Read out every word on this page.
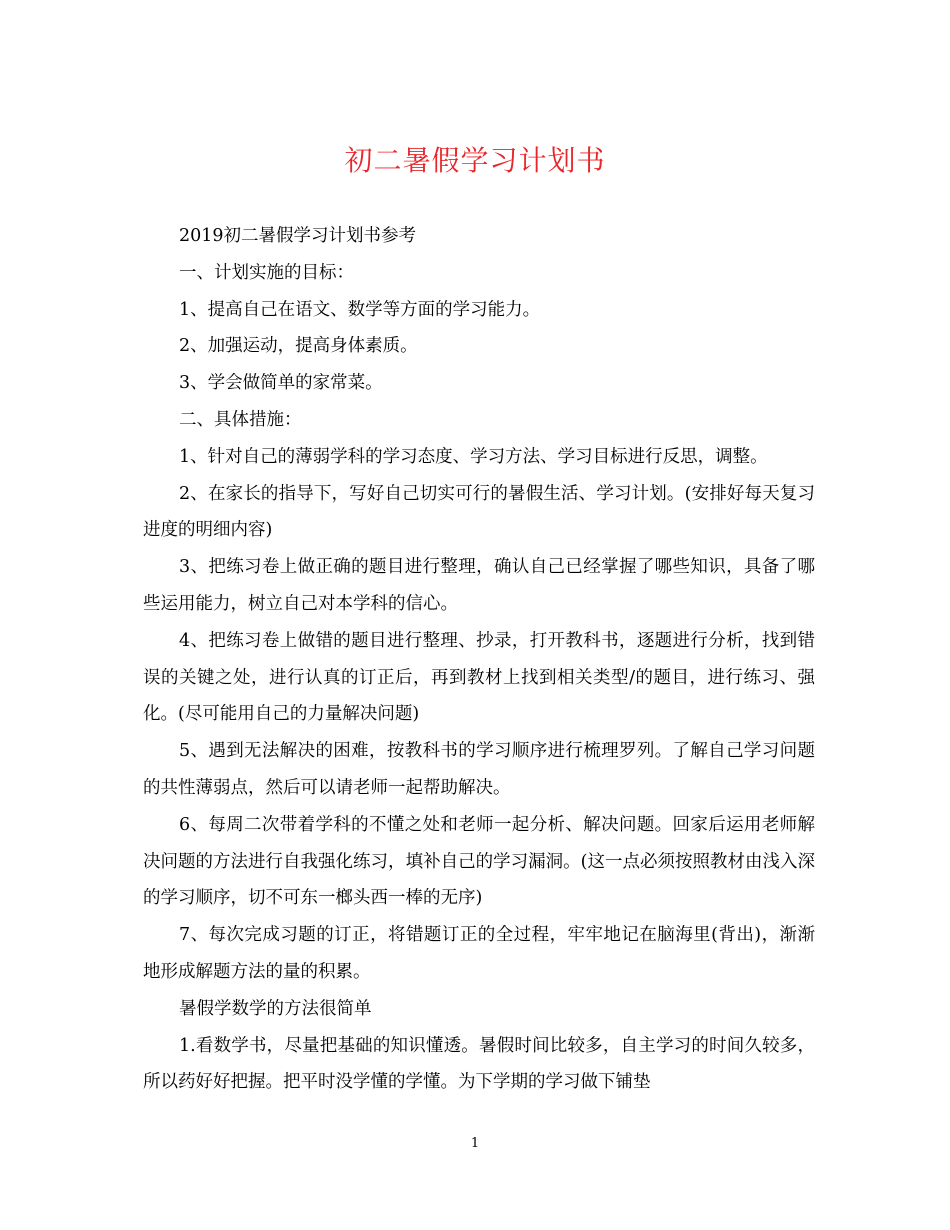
初二暑假学习计划书

2019初二暑假学习计划书参考

一、计划实施的目标：

1、提高自己在语文、数学等方面的学习能力。

2、加强运动，提高身体素质。

3、学会做简单的家常菜。

二、具体措施：

1、针对自己的薄弱学科的学习态度、学习方法、学习目标进行反思，调整。

2、在家长的指导下，写好自己切实可行的暑假生活、学习计划。(安排好每天复习进度的明细内容)

3、把练习卷上做正确的题目进行整理，确认自己已经掌握了哪些知识，具备了哪些运用能力，树立自己对本学科的信心。

4、把练习卷上做错的题目进行整理、抄录，打开教科书，逐题进行分析，找到错误的关键之处，进行认真的订正后，再到教材上找到相关类型/的题目，进行练习、强化。(尽可能用自己的力量解决问题)

5、遇到无法解决的困难，按教科书的学习顺序进行梳理罗列。了解自己学习问题的共性薄弱点，然后可以请老师一起帮助解决。

6、每周二次带着学科的不懂之处和老师一起分析、解决问题。回家后运用老师解决问题的方法进行自我强化练习，填补自己的学习漏洞。(这一点必须按照教材由浅入深的学习顺序，切不可东一榔头西一棒的无序)

7、每次完成习题的订正，将错题订正的全过程，牢牢地记在脑海里(背出)，渐渐地形成解题方法的量的积累。

暑假学数学的方法很简单

1.看数学书，尽量把基础的知识懂透。暑假时间比较多，自主学习的时间久较多，所以药好好把握。把平时没学懂的学懂。为下学期的学习做下铺垫

1
